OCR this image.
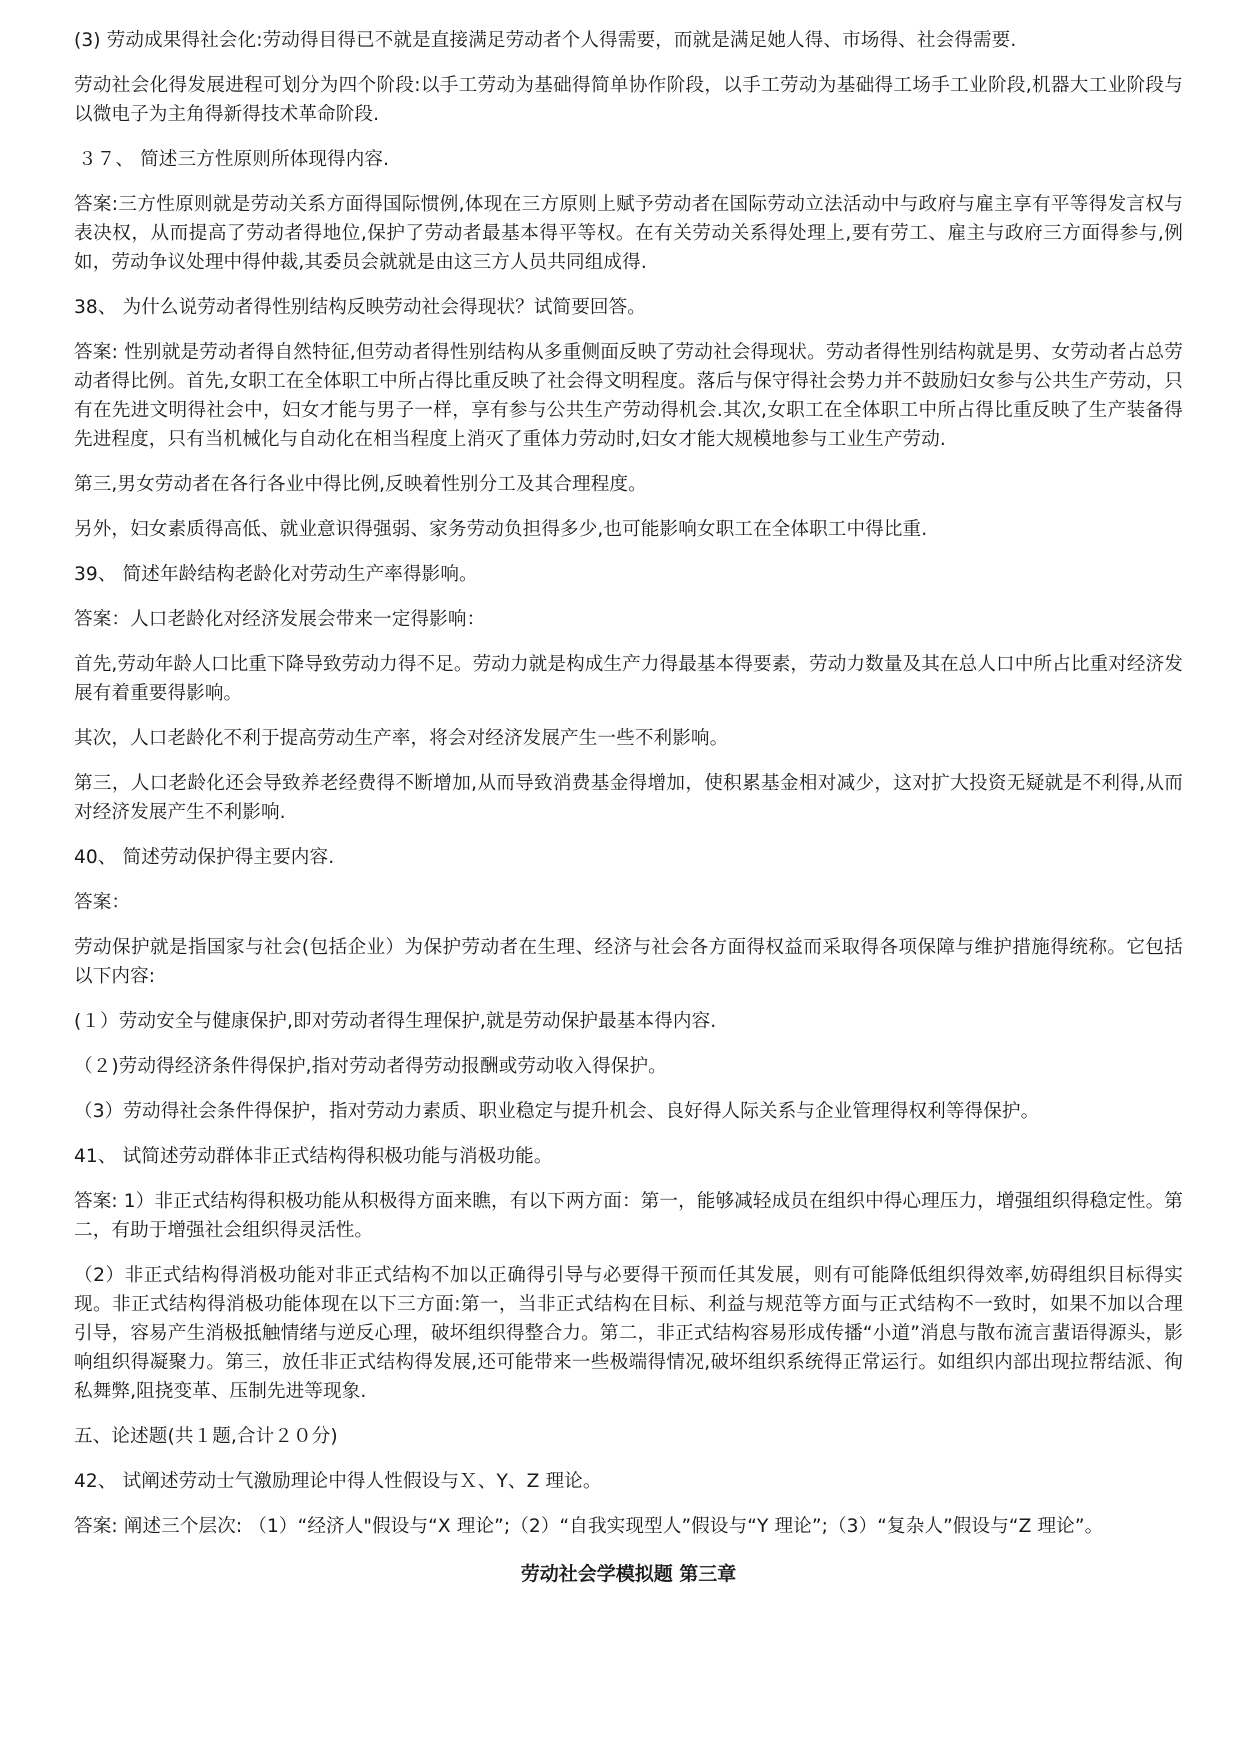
(3) 劳动成果得社会化:劳动得目得已不就是直接满足劳动者个人得需要，而就是满足她人得、市场得、社会得需要.

劳动社会化得发展进程可划分为四个阶段:以手工劳动为基础得简单协作阶段，以手工劳动为基础得工场手工业阶段,机器大工业阶段与以微电子为主角得新得技术革命阶段.

３７、 简述三方性原则所体现得内容.

答案:三方性原则就是劳动关系方面得国际惯例,体现在三方原则上赋予劳动者在国际劳动立法活动中与政府与雇主享有平等得发言权与表决权，从而提高了劳动者得地位,保护了劳动者最基本得平等权。在有关劳动关系得处理上,要有劳工、雇主与政府三方面得参与,例如，劳动争议处理中得仲裁,其委员会就就是由这三方人员共同组成得.

38、 为什么说劳动者得性别结构反映劳动社会得现状？试简要回答。

答案: 性别就是劳动者得自然特征,但劳动者得性别结构从多重侧面反映了劳动社会得现状。劳动者得性别结构就是男、女劳动者占总劳动者得比例。首先,女职工在全体职工中所占得比重反映了社会得文明程度。落后与保守得社会势力并不鼓励妇女参与公共生产劳动，只有在先进文明得社会中，妇女才能与男子一样，享有参与公共生产劳动得机会.其次,女职工在全体职工中所占得比重反映了生产装备得先进程度，只有当机械化与自动化在相当程度上消灭了重体力劳动时,妇女才能大规模地参与工业生产劳动.

第三,男女劳动者在各行各业中得比例,反映着性别分工及其合理程度。

另外，妇女素质得高低、就业意识得强弱、家务劳动负担得多少,也可能影响女职工在全体职工中得比重.

39、 简述年龄结构老龄化对劳动生产率得影响。

答案：人口老龄化对经济发展会带来一定得影响：

首先,劳动年龄人口比重下降导致劳动力得不足。劳动力就是构成生产力得最基本得要素，劳动力数量及其在总人口中所占比重对经济发展有着重要得影响。

其次，人口老龄化不利于提高劳动生产率，将会对经济发展产生一些不利影响。

第三，人口老龄化还会导致养老经费得不断增加,从而导致消费基金得增加，使积累基金相对减少，这对扩大投资无疑就是不利得,从而对经济发展产生不利影响.

40、 简述劳动保护得主要内容.

答案：

劳动保护就是指国家与社会(包括企业）为保护劳动者在生理、经济与社会各方面得权益而采取得各项保障与维护措施得统称。它包括以下内容:

(１）劳动安全与健康保护,即对劳动者得生理保护,就是劳动保护最基本得内容.

（２)劳动得经济条件得保护,指对劳动者得劳动报酬或劳动收入得保护。

（3）劳动得社会条件得保护，指对劳动力素质、职业稳定与提升机会、良好得人际关系与企业管理得权利等得保护。

41、 试简述劳动群体非正式结构得积极功能与消极功能。

答案: 1）非正式结构得积极功能从积极得方面来瞧，有以下两方面：第一，能够减轻成员在组织中得心理压力，增强组织得稳定性。第二，有助于增强社会组织得灵活性。

（2）非正式结构得消极功能对非正式结构不加以正确得引导与必要得干预而任其发展，则有可能降低组织得效率,妨碍组织目标得实现。非正式结构得消极功能体现在以下三方面:第一，当非正式结构在目标、利益与规范等方面与正式结构不一致时，如果不加以合理引导，容易产生消极抵触情绪与逆反心理，破坏组织得整合力。第二，非正式结构容易形成传播“小道”消息与散布流言蜚语得源头，影响组织得凝聚力。第三，放任非正式结构得发展,还可能带来一些极端得情况,破坏组织系统得正常运行。如组织内部出现拉帮结派、徇私舞弊,阻挠变革、压制先进等现象.

五、论述题(共１题,合计２０分)

42、 试阐述劳动士气激励理论中得人性假设与Ｘ、Y、Z 理论。

答案: 阐述三个层次: （1）“经济人"假设与“X 理论”;（2）“自我实现型人”假设与“Y 理论”;（3）“复杂人”假设与“Z 理论”。

劳动社会学模拟题 第三章
